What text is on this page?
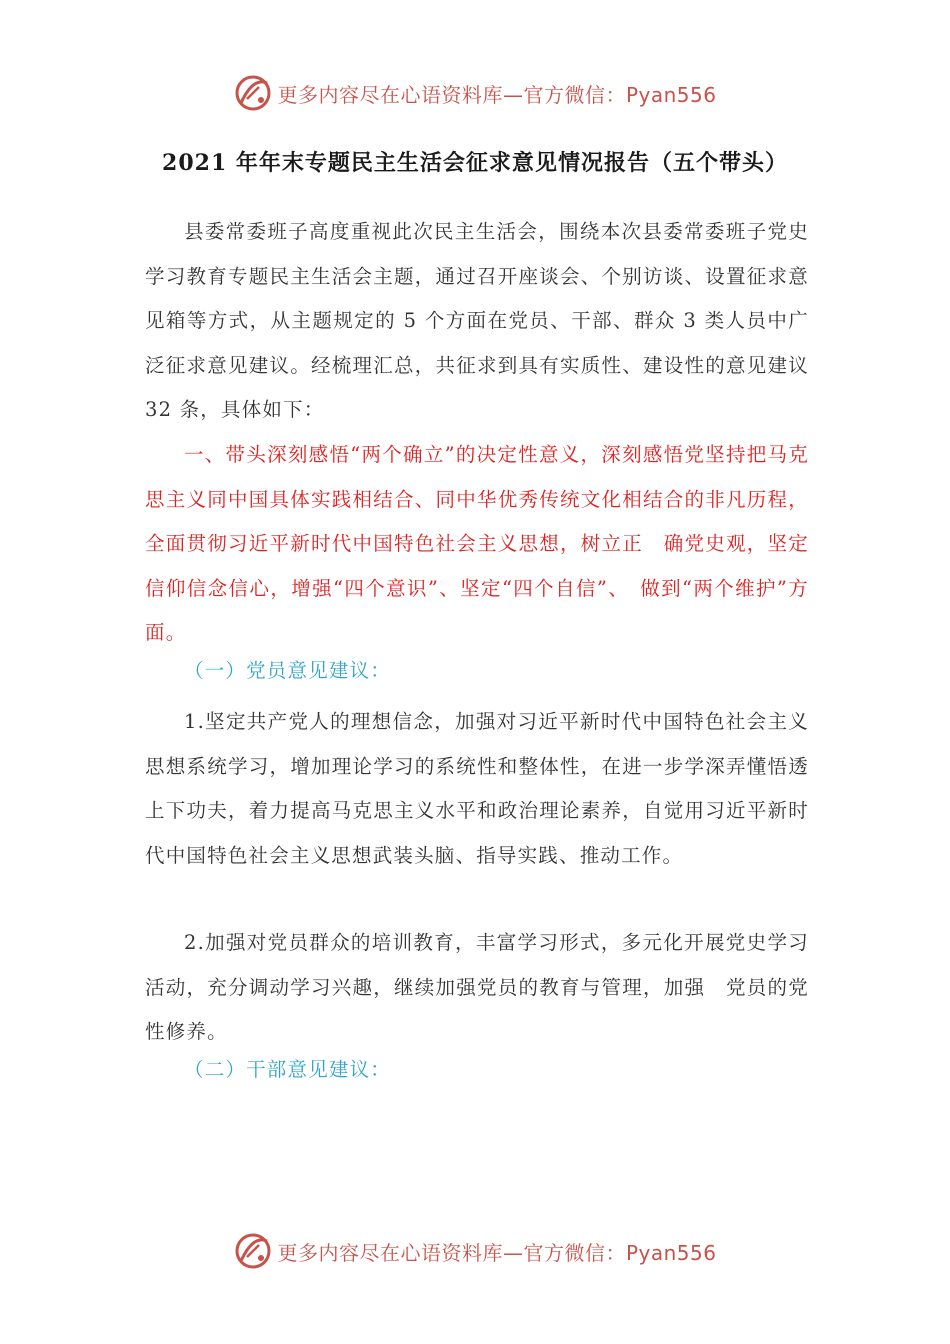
更多内容尽在心语资料库—官方微信：Pyan556
2021 年年末专题民主生活会征求意见情况报告（五个带头）
县委常委班子高度重视此次民主生活会，围绕本次县委常委班子党史学习教育专题民主生活会主题，通过召开座谈会、个别访谈、设置征求意见箱等方式，从主题规定的 5 个方面在党员、干部、群众 3 类人员中广泛征求意见建议。经梳理汇总，共征求到具有实质性、建设性的意见建议 32 条，具体如下：
一、带头深刻感悟“两个确立”的决定性意义，深刻感悟党坚持把马克思主义同中国具体实践相结合、同中华优秀传统文化相结合的非凡历程，全面贯彻习近平新时代中国特色社会主义思想，树立正　确党史观，坚定信仰信念信心，增强“四个意识”、坚定“四个自信”、　做到“两个维护”方面。
（一）党员意见建议：
1.坚定共产党人的理想信念，加强对习近平新时代中国特色社会主义思想系统学习，增加理论学习的系统性和整体性，在进一步学深弄懂悟透上下功夫，着力提高马克思主义水平和政治理论素养，自觉用习近平新时代中国特色社会主义思想武装头脑、指导实践、推动工作。
2.加强对党员群众的培训教育，丰富学习形式，多元化开展党史学习活动，充分调动学习兴趣，继续加强党员的教育与管理，加强　党员的党性修养。
（二）干部意见建议：
更多内容尽在心语资料库—官方微信：Pyan556
